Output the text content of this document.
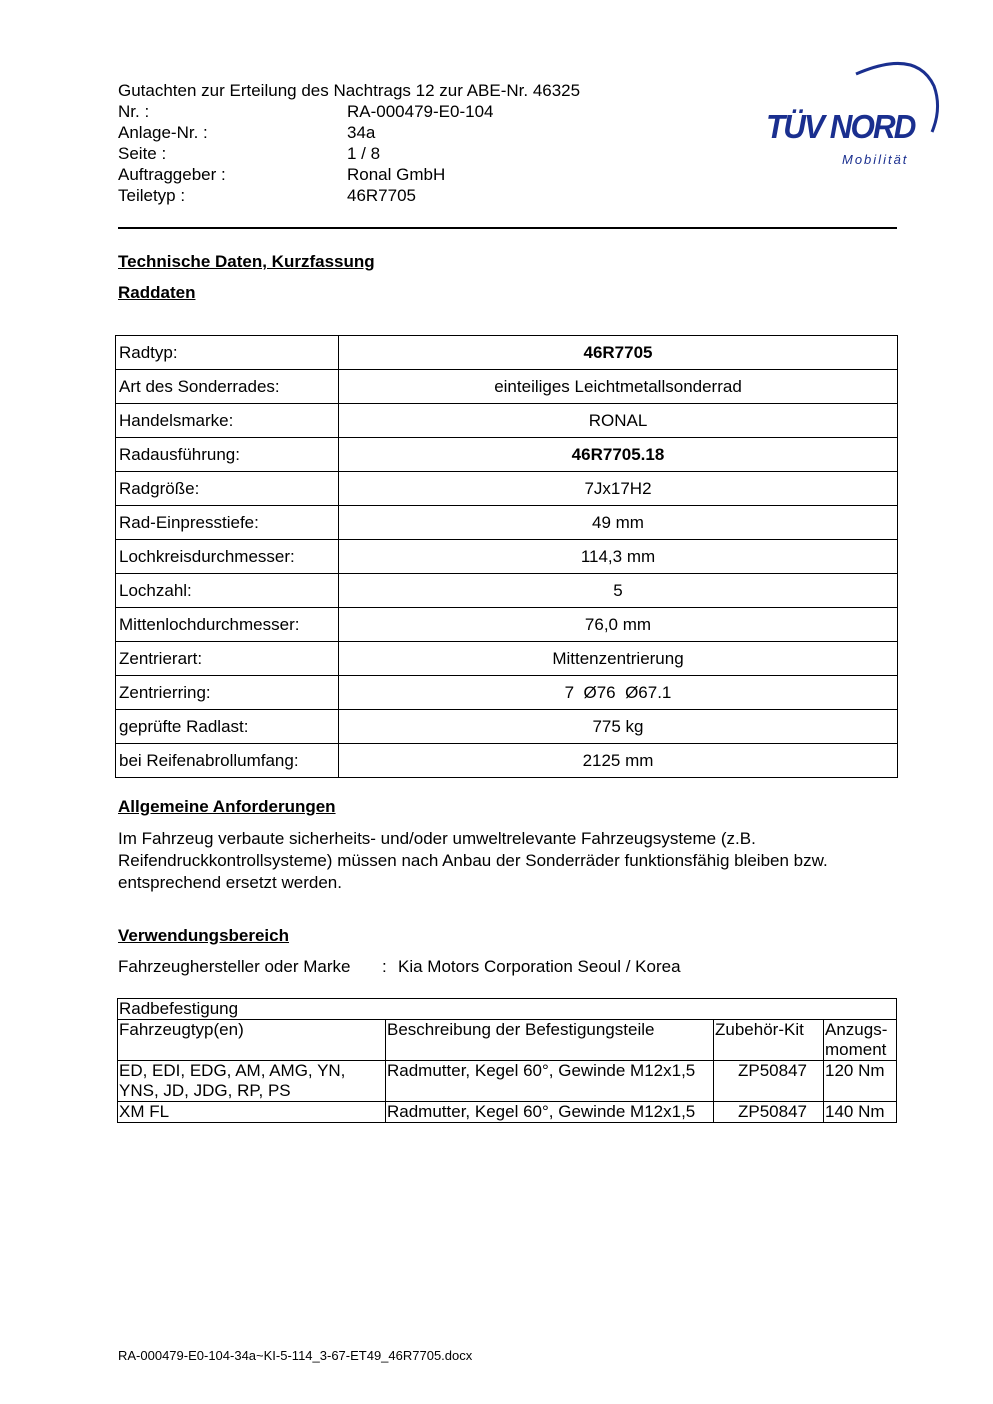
Gutachten zur Erteilung des Nachtrags 12 zur ABE-Nr. 46325
Nr. :	RA-000479-E0-104
Anlage-Nr. :	34a
Seite :	1 / 8
Auftraggeber :	Ronal GmbH
Teiletyp :	46R7705
TÜV NORD
Mobilität
Technische Daten, Kurzfassung
Raddaten
Radtyp:	46R7705
Art des Sonderrades:	einteiliges Leichtmetallsonderrad
Handelsmarke:	RONAL
Radausführung:	46R7705.18
Radgröße:	7Jx17H2
Rad-Einpresstiefe:	49 mm
Lochkreisdurchmesser:	114,3 mm
Lochzahl:	5
Mittenlochdurchmesser:	76,0 mm
Zentrierart:	Mittenzentrierung
Zentrierring:	7  Ø76  Ø67.1
geprüfte Radlast:	775 kg
bei Reifenabrollumfang:	2125 mm
Allgemeine Anforderungen
Im Fahrzeug verbaute sicherheits- und/oder umweltrelevante Fahrzeugsysteme (z.B. Reifendruckkontrollsysteme) müssen nach Anbau der Sonderräder funktionsfähig bleiben bzw. entsprechend ersetzt werden.
Verwendungsbereich
Fahrzeughersteller oder Marke	: Kia Motors Corporation Seoul / Korea
Radbefestigung			
Fahrzeugtyp(en)	Beschreibung der Befestigungsteile	Zubehör-Kit	Anzugs-moment
ED, EDI, EDG, AM, AMG, YN, YNS, JD, JDG, RP, PS	Radmutter, Kegel 60°, Gewinde M12x1,5	ZP50847	120 Nm
XM FL	Radmutter, Kegel 60°, Gewinde M12x1,5	ZP50847	140 Nm
RA-000479-E0-104-34a~KI-5-114_3-67-ET49_46R7705.docx
